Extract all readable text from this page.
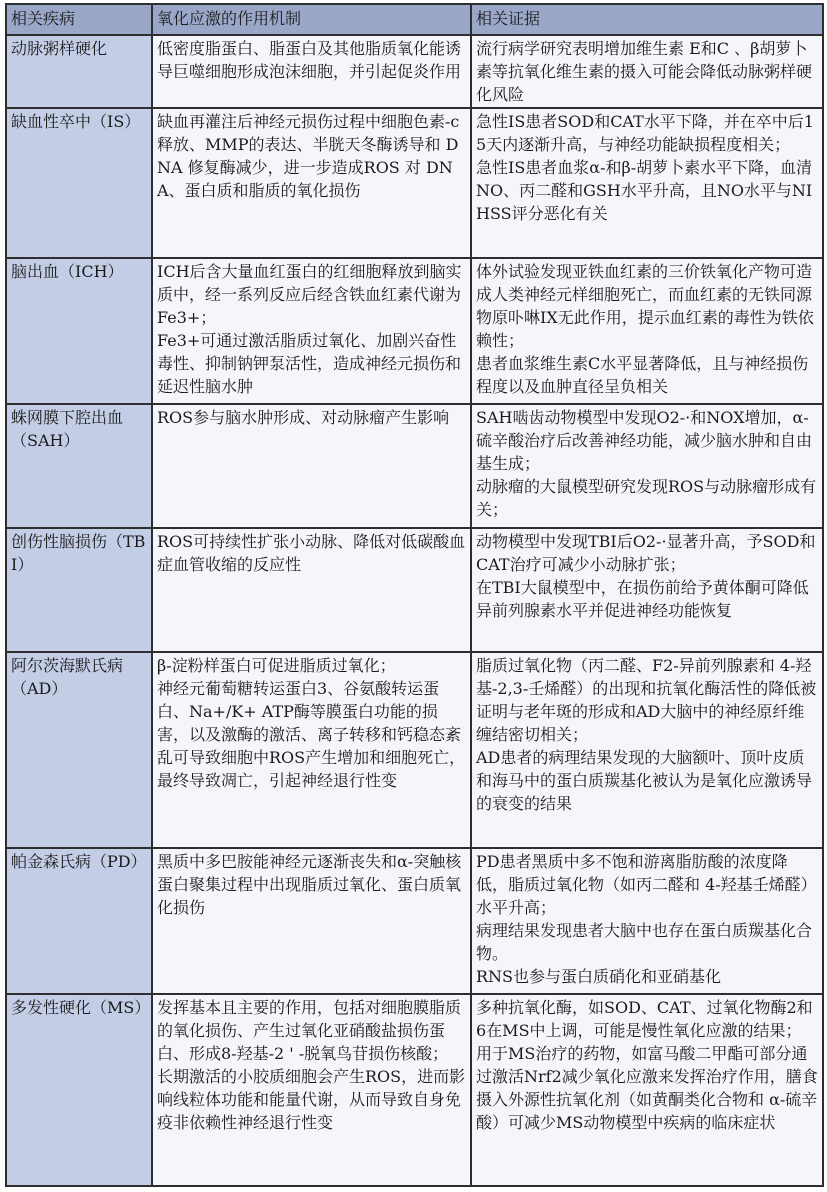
相关疾病	氧化应激的作用机制	相关证据
动脉粥样硬化	低密度脂蛋白、脂蛋白及其他脂质氧化能诱导巨噬细胞形成泡沫细胞，并引起促炎作用	流行病学研究表明增加维生素 E和C 、β胡萝卜素等抗氧化维生素的摄入可能会降低动脉粥样硬化风险

缺血性卒中（IS）	缺血再灌注后神经元损伤过程中细胞色素-c 释放、MMP的表达、半胱天冬酶诱导和 DNA 修复酶减少，进一步造成ROS 对 DNA、蛋白质和脂质的氧化损伤	急性IS患者SOD和CAT水平下降，并在卒中后15天内逐渐升高，与神经功能缺损程度相关；
急性IS患者血浆α-和β-胡萝卜素水平下降，血清NO、丙二醛和GSH水平升高，且NO水平与NIHSS评分恶化有关

脑出血（ICH）	ICH后含大量血红蛋白的红细胞释放到脑实质中，经一系列反应后经含铁血红素代谢为Fe3+；
Fe3+可通过激活脂质过氧化、加剧兴奋性毒性、抑制钠钾泵活性，造成神经元损伤和延迟性脑水肿	体外试验发现亚铁血红素的三价铁氧化产物可造成人类神经元样细胞死亡，而血红素的无铁同源物原卟啉IX无此作用，提示血红素的毒性为铁依赖性；
患者血浆维生素C水平显著降低，且与神经损伤程度以及血肿直径呈负相关

蛛网膜下腔出血（SAH）	ROS参与脑水肿形成、对动脉瘤产生影响	SAH啮齿动物模型中发现O2-·和NOX增加，α-硫辛酸治疗后改善神经功能，减少脑水肿和自由基生成；
动脉瘤的大鼠模型研究发现ROS与动脉瘤形成有关；

创伤性脑损伤（TBI）	ROS可持续性扩张小动脉、降低对低碳酸血症血管收缩的反应性	动物模型中发现TBI后O2-·显著升高，予SOD和CAT治疗可减少小动脉扩张；
在TBI大鼠模型中，在损伤前给予黄体酮可降低异前列腺素水平并促进神经功能恢复

阿尔茨海默氏病（AD）	β-淀粉样蛋白可促进脂质过氧化；
神经元葡萄糖转运蛋白3、谷氨酸转运蛋白、Na+/K+ ATP酶等膜蛋白功能的损害，以及激酶的激活、离子转移和钙稳态紊乱可导致细胞中ROS产生增加和细胞死亡，最终导致凋亡，引起神经退行性变	脂质过氧化物（丙二醛、F2-异前列腺素和 4-羟基-2,3-壬烯醛）的出现和抗氧化酶活性的降低被证明与老年斑的形成和AD大脑中的神经原纤维缠结密切相关；
AD患者的病理结果发现的大脑额叶、顶叶皮质和海马中的蛋白质羰基化被认为是氧化应激诱导的衰变的结果

帕金森氏病（PD）	黑质中多巴胺能神经元逐渐丧失和α-突触核蛋白聚集过程中出现脂质过氧化、蛋白质氧化损伤	PD患者黑质中多不饱和游离脂肪酸的浓度降低，脂质过氧化物（如丙二醛和 4-羟基壬烯醛）水平升高；
病理结果发现患者大脑中也存在蛋白质羰基化合物。
RNS也参与蛋白质硝化和亚硝基化

多发性硬化（MS）	发挥基本且主要的作用，包括对细胞膜脂质的氧化损伤、产生过氧化亚硝酸盐损伤蛋白、形成8-羟基-2 ' -脱氧鸟苷损伤核酸；
长期激活的小胶质细胞会产生ROS，进而影响线粒体功能和能量代谢，从而导致自身免疫非依赖性神经退行性变	多种抗氧化酶，如SOD、CAT、过氧化物酶2和6在MS中上调，可能是慢性氧化应激的结果；
用于MS治疗的药物，如富马酸二甲酯可部分通过激活Nrf2减少氧化应激来发挥治疗作用，膳食摄入外源性抗氧化剂（如黄酮类化合物和 α-硫辛酸）可减少MS动物模型中疾病的临床症状
